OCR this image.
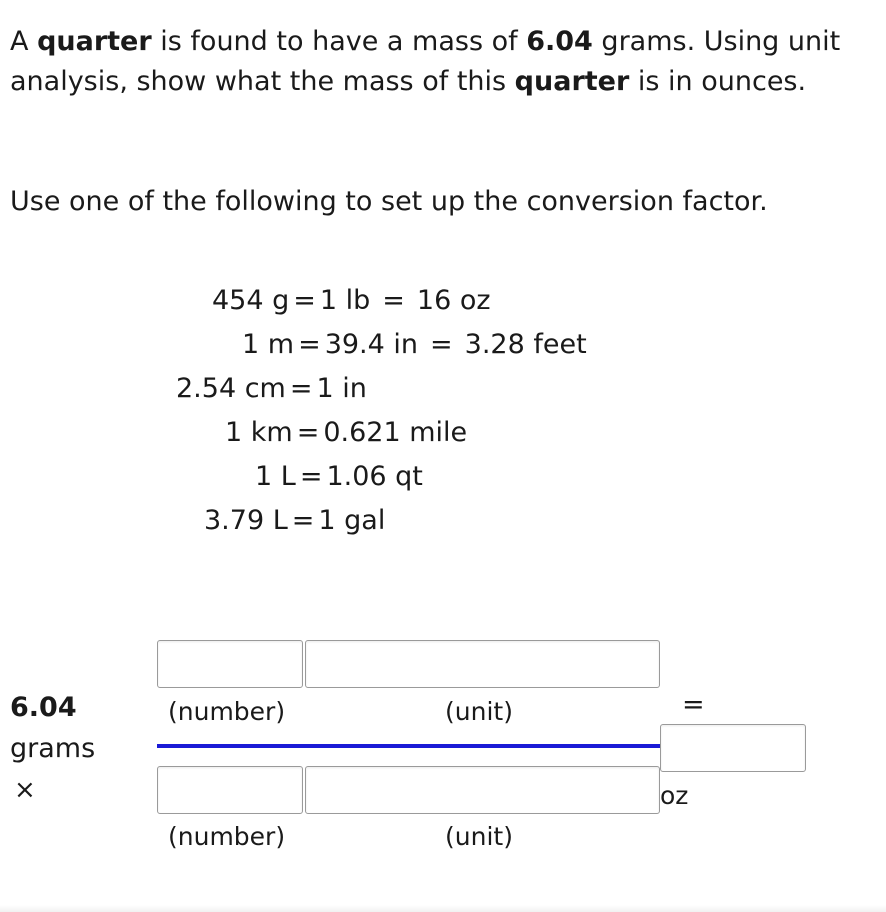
A quarter is found to have a mass of 6.04 grams. Using unit analysis, show what the mass of this quarter is in ounces.

Use one of the following to set up the conversion factor.

454 g = 1 lb = 16 oz
1 m = 39.4 in = 3.28 feet
2.54 cm = 1 in
1 km = 0.621 mile
1 L = 1.06 qt
3.79 L = 1 gal
6.04
grams
×
(number)	(unit)
(number)	(unit)
=
oz
